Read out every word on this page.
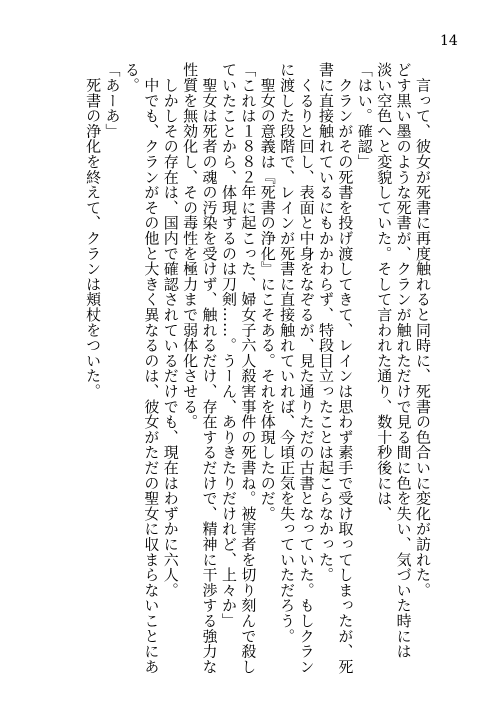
14
　言って、彼女が死書に再度触れると同時に、死書の色合いに変化が訪れた。
どす黒い墨のような死書が、クランが触れただけで見る間に色を失い、気づいた時には
淡い空色へと変貌していた。そして言われた通り、数十秒後には、
「はい。確認」
　クランがその死書を投げ渡してきて、レインは思わず素手で受け取ってしまったが、死
書に直接触れているにもかかわらず、特段目立ったことは起こらなかった。
　くるりと回し、表面と中身をなぞるが、見た通りただの古書となっていた。もしクラン
に渡した段階で、レインが死書に直接触れていれば、今頃正気を失っていただろう。
　聖女の意義は『死書の浄化』にこそある。それを体現したのだ。
「これは１８８２年に起こった、婦女子六人殺害事件の死書ね。被害者を切り刻んで殺し
ていたことから、体現するのは刀剣……。うーん、ありきたりだけれど、上々か」
　聖女は死者の魂の汚染を受けず、触れるだけ、存在するだけで、精神に干渉する強力な
性質を無効化し、その毒性を極力まで弱体化させる。
　しかしその存在は、国内で確認されているだけでも、現在はわずかに六人。
　中でも、クランがその他と大きく異なるのは、彼女がただの聖女に収まらないことにあ
る。
「あーあ」
　死書の浄化を終えて、クランは頬杖をついた。
